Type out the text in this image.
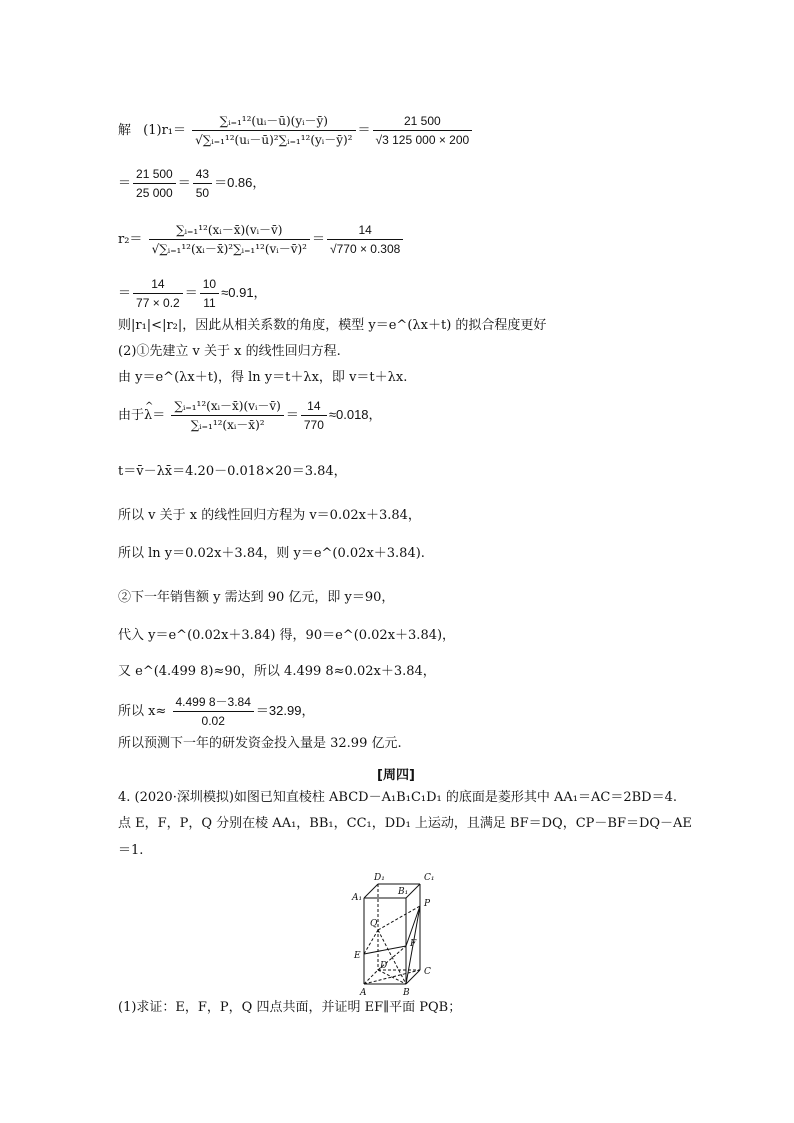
解 $(1)r_1= \frac{\text{∑ᵢ₌₁¹²(uᵢ－ū)(yᵢ－ȳ)}}{\text{√∑ᵢ₌₁¹²(uᵢ－ū)²∑ᵢ₌₁¹²(yᵢ－ȳ)²}} = \frac{21 500}{√3 125 000 \times 200}$
＝ $\frac{21 500}{25 000} = \frac{43}{50} =0.86$，
$r_2= \frac{\text{∑ᵢ₌₁¹²(xᵢ－x̄)(vᵢ－v̄)}}{\text{√∑ᵢ₌₁¹²(xᵢ－x̄)²∑ᵢ₌₁¹²(vᵢ－v̄)²}} = \frac{14}{√770 \times 0.308}$
＝ $\frac{14}{77 \times 0.2} = \frac{10}{11} \approx 0.91$，
则|r₁|<|r₂|，因此从相关系数的角度，模型 y＝e^(λx＋t) 的拟合程度更好
(2)①先建立 v 关于 x 的线性回归方程.
由 y＝e^(λx＋t)，得 ln y＝t＋λx，即 v＝t＋λx.
由于^ $\lambda= \frac{\text{∑ᵢ₌₁¹²(xᵢ－x̄)(vᵢ－v̄)}}{\text{∑ᵢ₌₁¹²(xᵢ－x̄)²}} = \frac{14}{770} \approx 0.018$，
t＝v̄－λx̄＝4.20－0.018×20＝3.84，
所以 v 关于 x 的线性回归方程为 v＝0.02x＋3.84，
所以 ln y＝0.02x＋3.84，则 y＝e^(0.02x＋3.84).
②下一年销售额 y 需达到 90 亿元，即 y＝90，
代入 y＝e^(0.02x＋3.84) 得，90＝e^(0.02x＋3.84)，
又 e^(4.499 8)≈90，所以 4.499 8≈0.02x＋3.84，
所以 $x\approx \frac{4.499 8-3.84}{0.02} =32.99$，
所以预测下一年的研发资金投入量是 32.99 亿元.
[周四]
4. (2020·深圳模拟)如图已知直棱柱 ABCD－A₁B₁C₁D₁ 的底面是菱形其中 AA₁＝AC＝2BD＝4.
点 E，F，P，Q 分别在棱 AA₁，BB₁，CC₁，DD₁ 上运动，且满足 BF＝DQ，CP－BF＝DQ－AE
＝1.
D₁	C₁
B₁
A₁
Q
P
F
E
D
C
A	B
(1)求证：E，F，P，Q 四点共面，并证明 EF∥平面 PQB；
